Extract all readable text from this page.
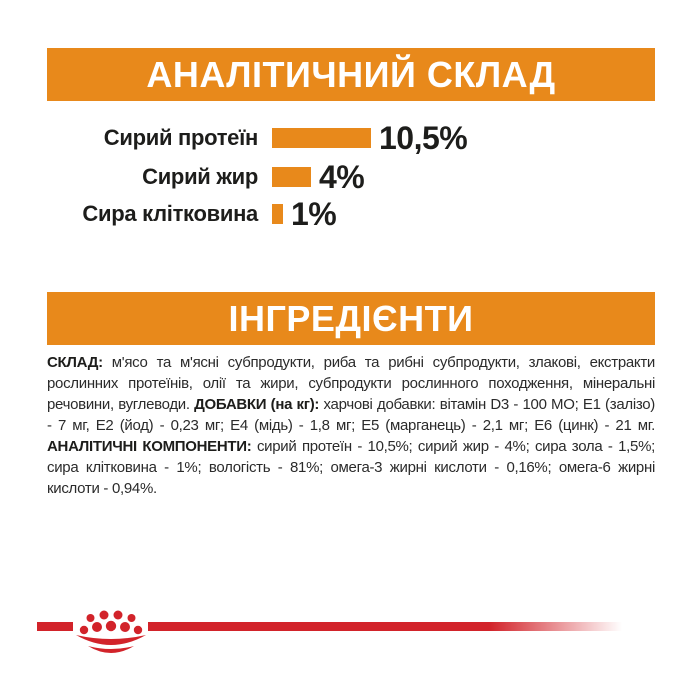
АНАЛІТИЧНИЙ СКЛАД
Сирий протеїн	10,5%
Сирий жир 4%
Сира клітковина 1%
ІНГРЕДІЄНТИ

СКЛАД: м'ясо та м'ясні субпродукти, риба та рибні субпродукти, злакові, екстракти рослинних протеїнів, олії та жири, субпродукти рослинного походження, мінеральні речовини, вуглеводи. ДОБАВКИ (на кг): харчові добавки: вітамін D3 - 100 МО; Е1 (залізо) - 7 мг, Е2 (йод) - 0,23 мг; Е4 (мідь) - 1,8 мг; Е5 (марганець) - 2,1 мг; Е6 (цинк) - 21 мг. АНАЛІТИЧНІ КОМПОНЕНТИ: сирий протеїн - 10,5%; сирий жир - 4%; сира зола - 1,5%; сира клітковина - 1%; вологість - 81%; омега-3 жирні кислоти - 0,16%; омега-6 жирні кислоти - 0,94%.
